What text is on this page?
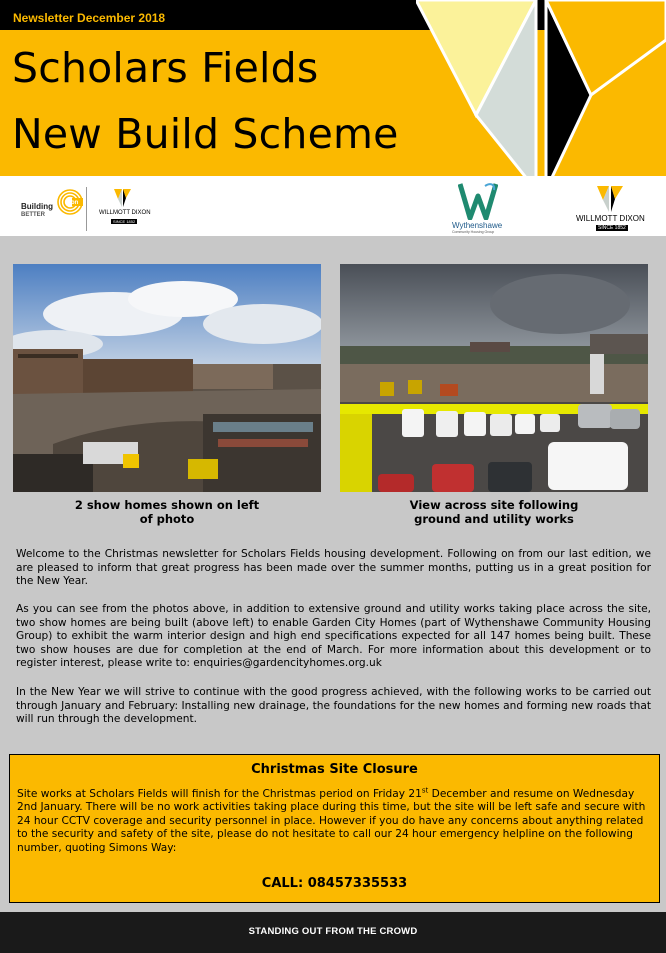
Newsletter December 2018
Scholars Fields
New Build Scheme
Building	on
BETTER	WILLMOTT DIXON
SINCE 1852	Wythenshawe
Community Housing Group
WILLMOTT DIXON
SINCE 1852
2 show homes shown on left of photo
View across site following ground and utility works

Welcome to the Christmas newsletter for Scholars Fields housing development. Following on from our last edition, we are pleased to inform that great progress has been made over the summer months, putting us in a great position for the New Year.

As you can see from the photos above, in addition to extensive ground and utility works taking place across the site, two show homes are being built (above left) to enable Garden City Homes (part of Wythenshawe Community Housing Group) to exhibit the warm interior design and high end specifications expected for all 147 homes being built. These two show houses are due for completion at the end of March. For more information about this development or to register interest, please write to: enquiries@gardencityhomes.org.uk

In the New Year we will strive to continue with the good progress achieved, with the following works to be carried out through January and February: Installing new drainage, the foundations for the new homes and forming new roads that will run through the development.

Christmas Site Closure
Site works at Scholars Fields will finish for the Christmas period on Friday 21st December and resume on Wednesday 2nd January. There will be no work activities taking place during this time, but the site will be left safe and secure with 24 hour CCTV coverage and security personnel in place. However if you do have any concerns about anything related to the security and safety of the site, please do not hesitate to call our 24 hour emergency helpline on the following number, quoting Simons Way:
CALL: 08457335533
STANDING OUT FROM THE CROWD
